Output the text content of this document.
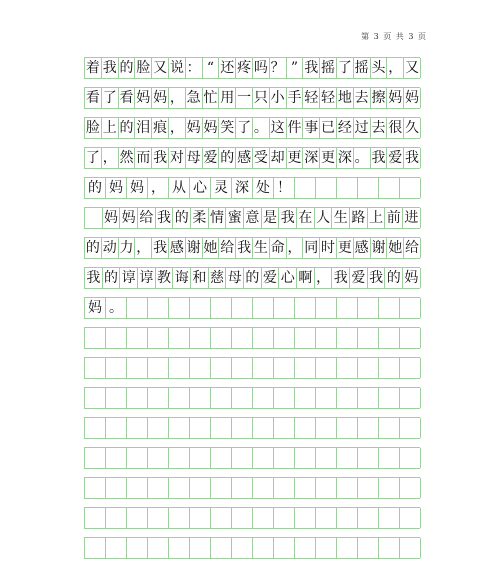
第 3 页 共 3 页
着 我 的 脸 又 说 ： “ 还 疼 吗 ？ ” 我 摇 了 摇 头 ， 又
看 了 看 妈 妈 ， 急 忙 用 一 只 小 手 轻 轻 地 去 擦 妈 妈
脸 上 的 泪 痕 ， 妈 妈 笑 了 。 这 件 事 已 经 过 去 很 久
了 ， 然 而 我 对 母 爱 的 感 受 却 更 深 更 深 。 我 爱 我
的 妈 妈 ， 从 心 灵 深 处 ！

妈 妈 给 我 的 柔 情 蜜 意 是 我 在 人 生 路 上 前 进
的 动 力 ， 我 感 谢 她 给 我 生 命 ， 同 时 更 感 谢 她 给
我 的 谆 谆 教 诲 和 慈 母 的 爱 心 啊 ， 我 爱 我 的 妈
妈 。
